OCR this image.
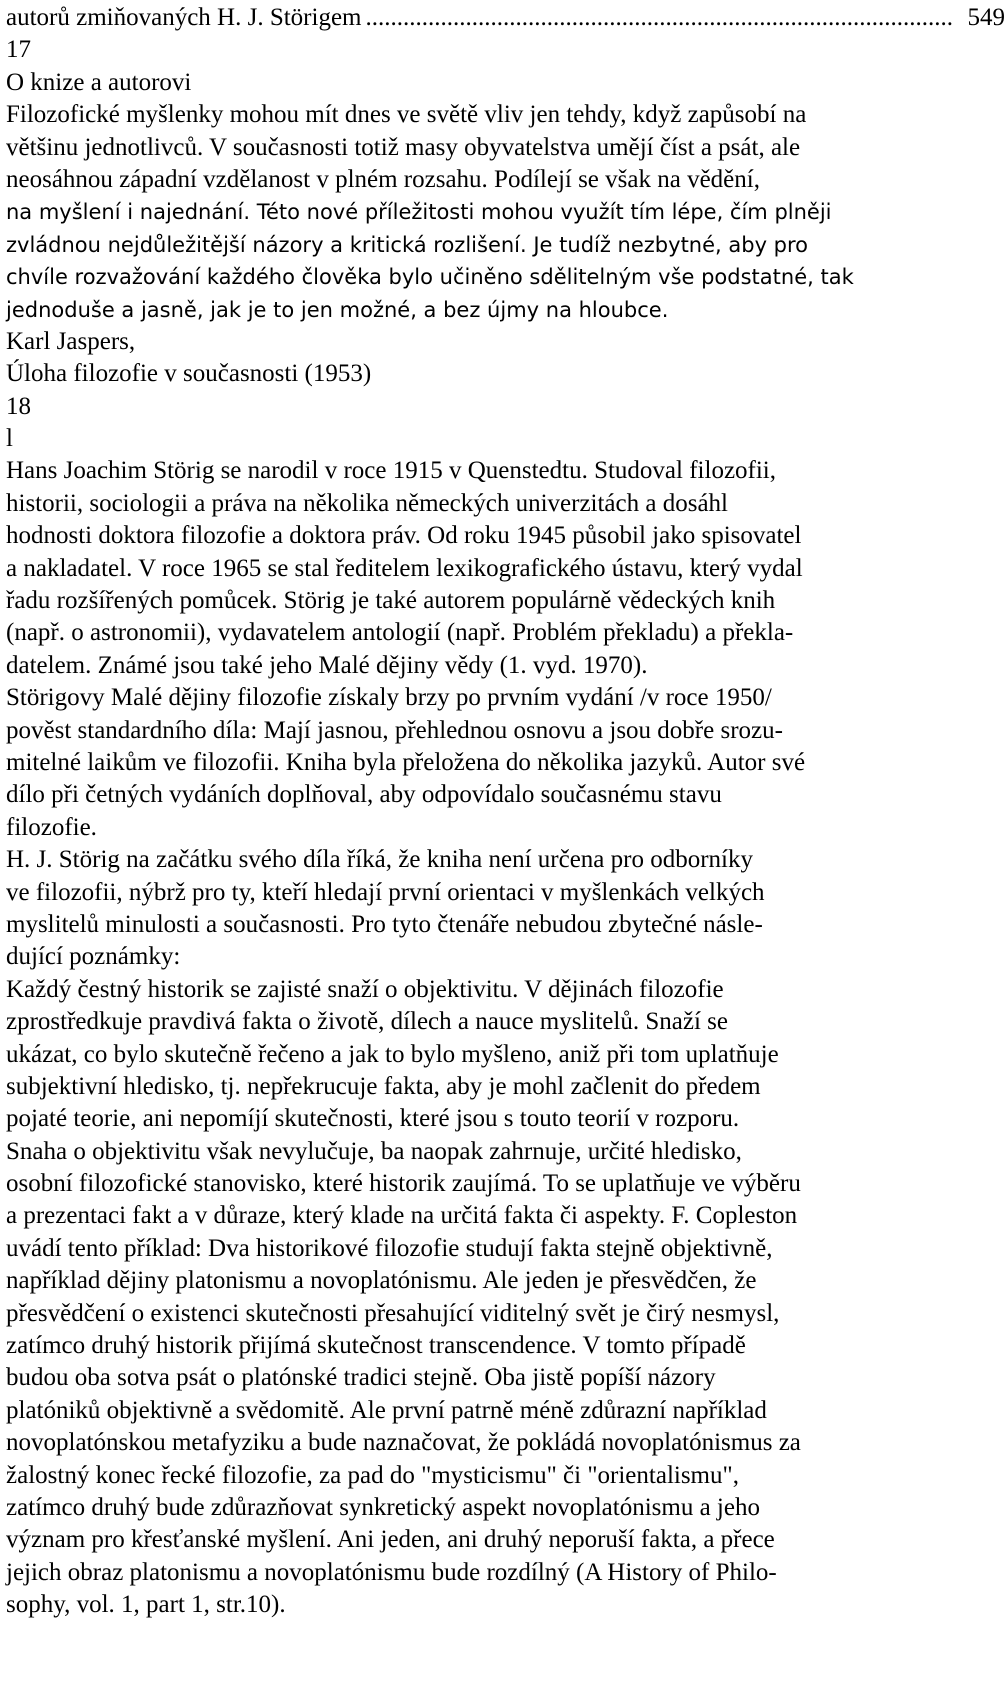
autorů zmiňovaných H. J. Störigem .............................................................................................. 549
17
O knize a autorovi
Filozofické myšlenky mohou mít dnes ve světě vliv jen tehdy, když zapůsobí na
většinu jednotlivců. V současnosti totiž masy obyvatelstva umějí číst a psát, ale
neosáhnou západní vzdělanost v plném rozsahu. Podílejí se však na vědění,
na myšlení i najednání. Této nové příležitosti mohou využít tím lépe, čím plněji
zvládnou nejdůležitější názory a kritická rozlišení. Je tudíž nezbytné, aby pro
chvíle rozvažování každého člověka bylo učiněno sdělitelným vše podstatné, tak
jednoduše a jasně, jak je to jen možné, a bez újmy na hloubce.
Karl Jaspers,
Úloha filozofie v současnosti (1953)
18
l
Hans Joachim Störig se narodil v roce 1915 v Quenstedtu. Studoval filozofii,
historii, sociologii a práva na několika německých univerzitách a dosáhl
hodnosti doktora filozofie a doktora práv. Od roku 1945 působil jako spisovatel
a nakladatel. V roce 1965 se stal ředitelem lexikografického ústavu, který vydal
řadu rozšířených pomůcek. Störig je také autorem populárně vědeckých knih
(např. o astronomii), vydavatelem antologií (např. Problém překladu) a překla-
datelem. Známé jsou také jeho Malé dějiny vědy (1. vyd. 1970).
Störigovy Malé dějiny filozofie získaly brzy po prvním vydání /v roce 1950/
pověst standardního díla: Mají jasnou, přehlednou osnovu a jsou dobře srozu-
mitelné laikům ve filozofii. Kniha byla přeložena do několika jazyků. Autor své
dílo při četných vydáních doplňoval, aby odpovídalo současnému stavu
filozofie.
H. J. Störig na začátku svého díla říká, že kniha není určena pro odborníky
ve filozofii, nýbrž pro ty, kteří hledají první orientaci v myšlenkách velkých
myslitelů minulosti a současnosti. Pro tyto čtenáře nebudou zbytečné násle-
dující poznámky:
Každý čestný historik se zajisté snaží o objektivitu. V dějinách filozofie
zprostředkuje pravdivá fakta o životě, dílech a nauce myslitelů. Snaží se
ukázat, co bylo skutečně řečeno a jak to bylo myšleno, aniž při tom uplatňuje
subjektivní hledisko, tj. nepřekrucuje fakta, aby je mohl začlenit do předem
pojaté teorie, ani nepomíjí skutečnosti, které jsou s touto teorií v rozporu.
Snaha o objektivitu však nevylučuje, ba naopak zahrnuje, určité hledisko,
osobní filozofické stanovisko, které historik zaujímá. To se uplatňuje ve výběru
a prezentaci fakt a v důraze, který klade na určitá fakta či aspekty. F. Copleston
uvádí tento příklad: Dva historikové filozofie studují fakta stejně objektivně,
například dějiny platonismu a novoplatónismu. Ale jeden je přesvědčen, že
přesvědčení o existenci skutečnosti přesahující viditelný svět je čirý nesmysl,
zatímco druhý historik přijímá skutečnost transcendence. V tomto případě
budou oba sotva psát o platónské tradici stejně. Oba jistě popíší názory
platóniků objektivně a svědomitě. Ale první patrně méně zdůrazní například
novoplatónskou metafyziku a bude naznačovat, že pokládá novoplatónismus za
žalostný konec řecké filozofie, za pad do "mysticismu" či "orientalismu",
zatímco druhý bude zdůrazňovat synkretický aspekt novoplatónismu a jeho
význam pro křesťanské myšlení. Ani jeden, ani druhý neporuší fakta, a přece
jejich obraz platonismu a novoplatónismu bude rozdílný (A History of Philo-
sophy, vol. 1, part 1, str.10).
